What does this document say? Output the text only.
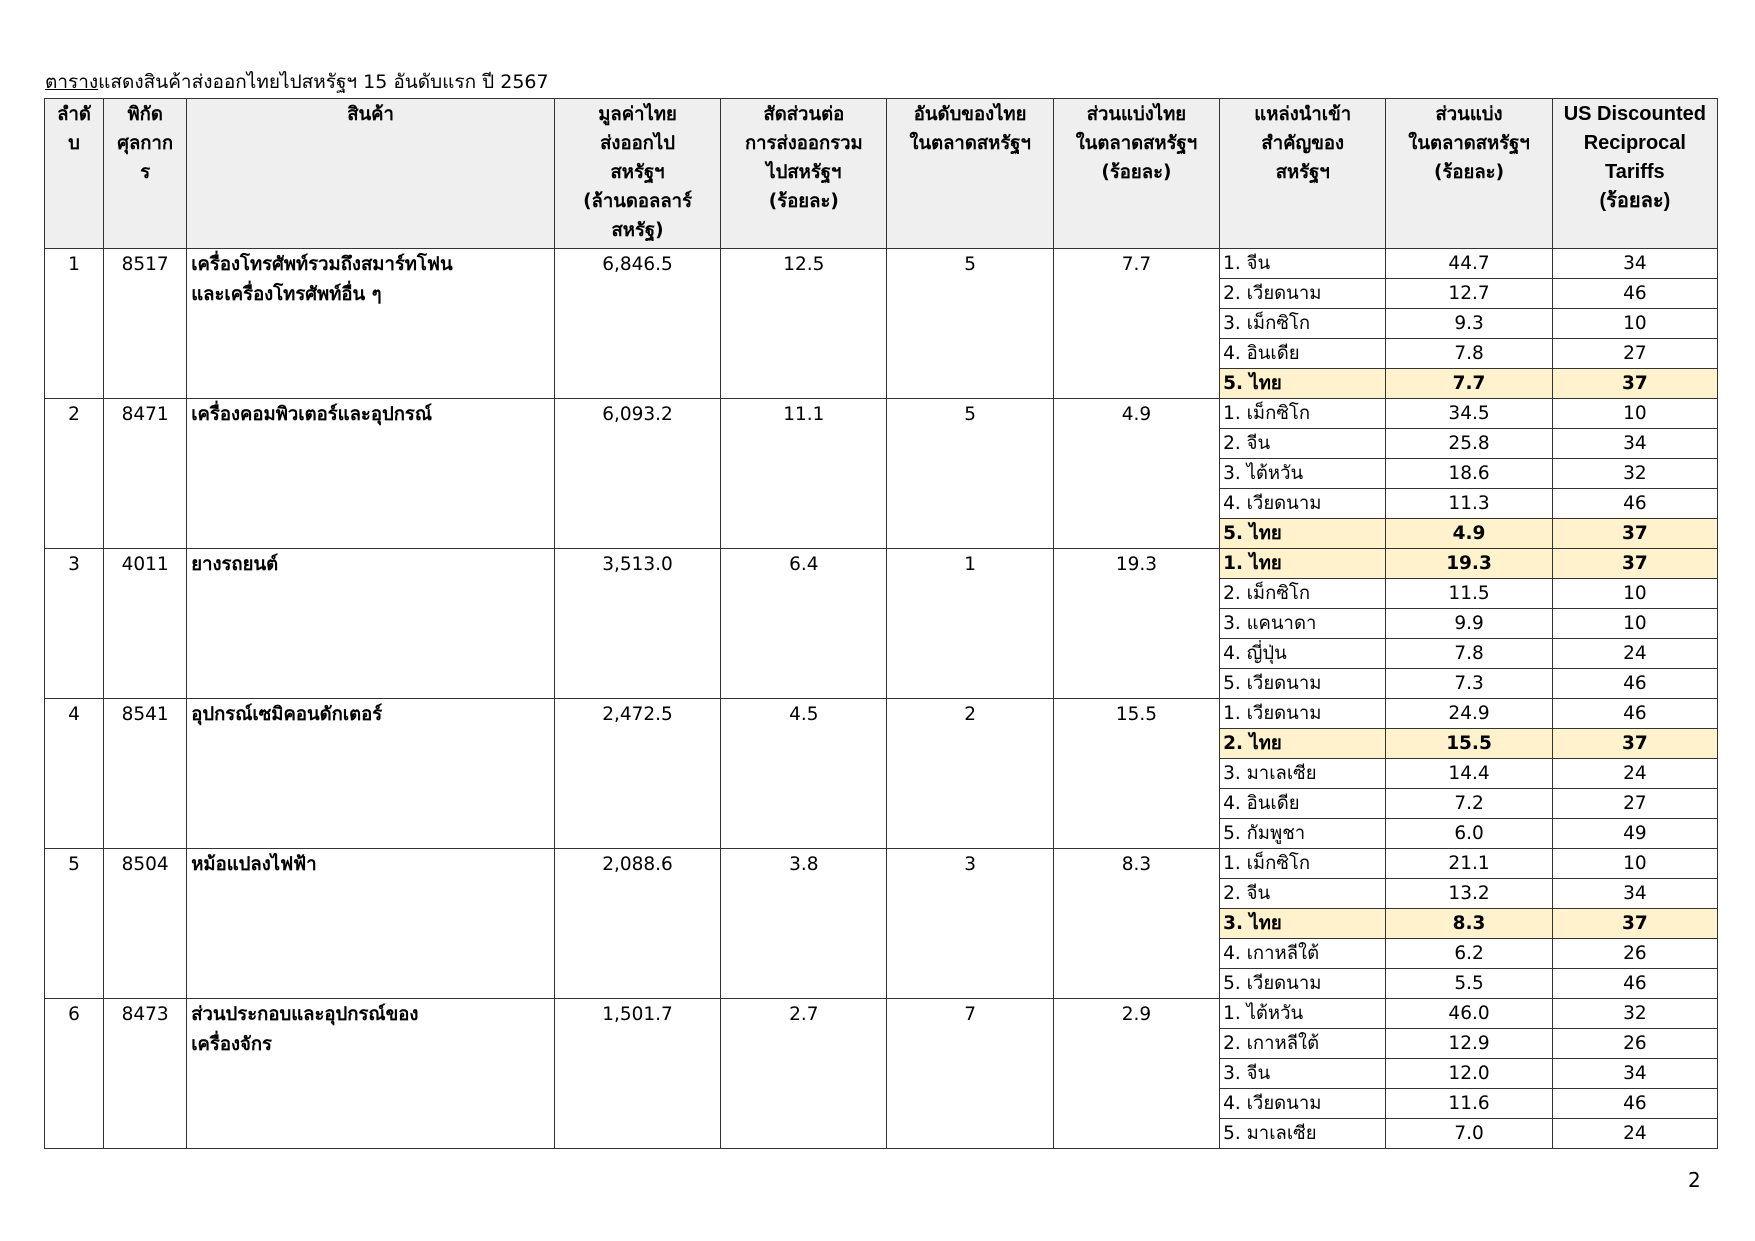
ตารางแสดงสินค้าส่งออกไทยไปสหรัฐฯ 15 อันดับแรก ปี 2567
ลำดั
บ	พิกัด
ศุลกาก
ร	สินค้า	มูลค่าไทย
ส่งออกไป
สหรัฐฯ
(ล้านดอลลาร์
สหรัฐ)	สัดส่วนต่อ
การส่งออกรวม
ไปสหรัฐฯ
(ร้อยละ)	อันดับของไทย
ในตลาดสหรัฐฯ	ส่วนแบ่งไทย
ในตลาดสหรัฐฯ
(ร้อยละ)	แหล่งนำเข้า
สำคัญของ
สหรัฐฯ	ส่วนแบ่ง
ในตลาดสหรัฐฯ
(ร้อยละ)	US Discounted
Reciprocal
Tariffs
(ร้อยละ)
1	8517	เครื่องโทรศัพท์รวมถึงสมาร์ทโฟน
และเครื่องโทรศัพท์อื่น ๆ	6,846.5	12.5	5	7.7	1. จีน	44.7	34
							2. เวียดนาม	12.7	46
							3. เม็กซิโก	9.3	10
							4. อินเดีย	7.8	27
							5. ไทย	7.7	37
2	8471	เครื่องคอมพิวเตอร์และอุปกรณ์	6,093.2	11.1	5	4.9	1. เม็กซิโก	34.5	10
							2. จีน	25.8	34
							3. ไต้หวัน	18.6	32
							4. เวียดนาม	11.3	46
							5. ไทย	4.9	37
3	4011	ยางรถยนต์	3,513.0	6.4	1	19.3	1. ไทย	19.3	37
							2. เม็กซิโก	11.5	10
							3. แคนาดา	9.9	10
							4. ญี่ปุ่น	7.8	24
							5. เวียดนาม	7.3	46
4	8541	อุปกรณ์เซมิคอนดักเตอร์	2,472.5	4.5	2	15.5	1. เวียดนาม	24.9	46
							2. ไทย	15.5	37
							3. มาเลเซีย	14.4	24
							4. อินเดีย	7.2	27
							5. กัมพูชา	6.0	49
5	8504	หม้อแปลงไฟฟ้า	2,088.6	3.8	3	8.3	1. เม็กซิโก	21.1	10
							2. จีน	13.2	34
							3. ไทย	8.3	37
							4. เกาหลีใต้	6.2	26
							5. เวียดนาม	5.5	46
6	8473	ส่วนประกอบและอุปกรณ์ของ
เครื่องจักร	1,501.7	2.7	7	2.9	1. ไต้หวัน	46.0	32
							2. เกาหลีใต้	12.9	26
							3. จีน	12.0	34
							4. เวียดนาม	11.6	46
							5. มาเลเซีย	7.0	24
2
